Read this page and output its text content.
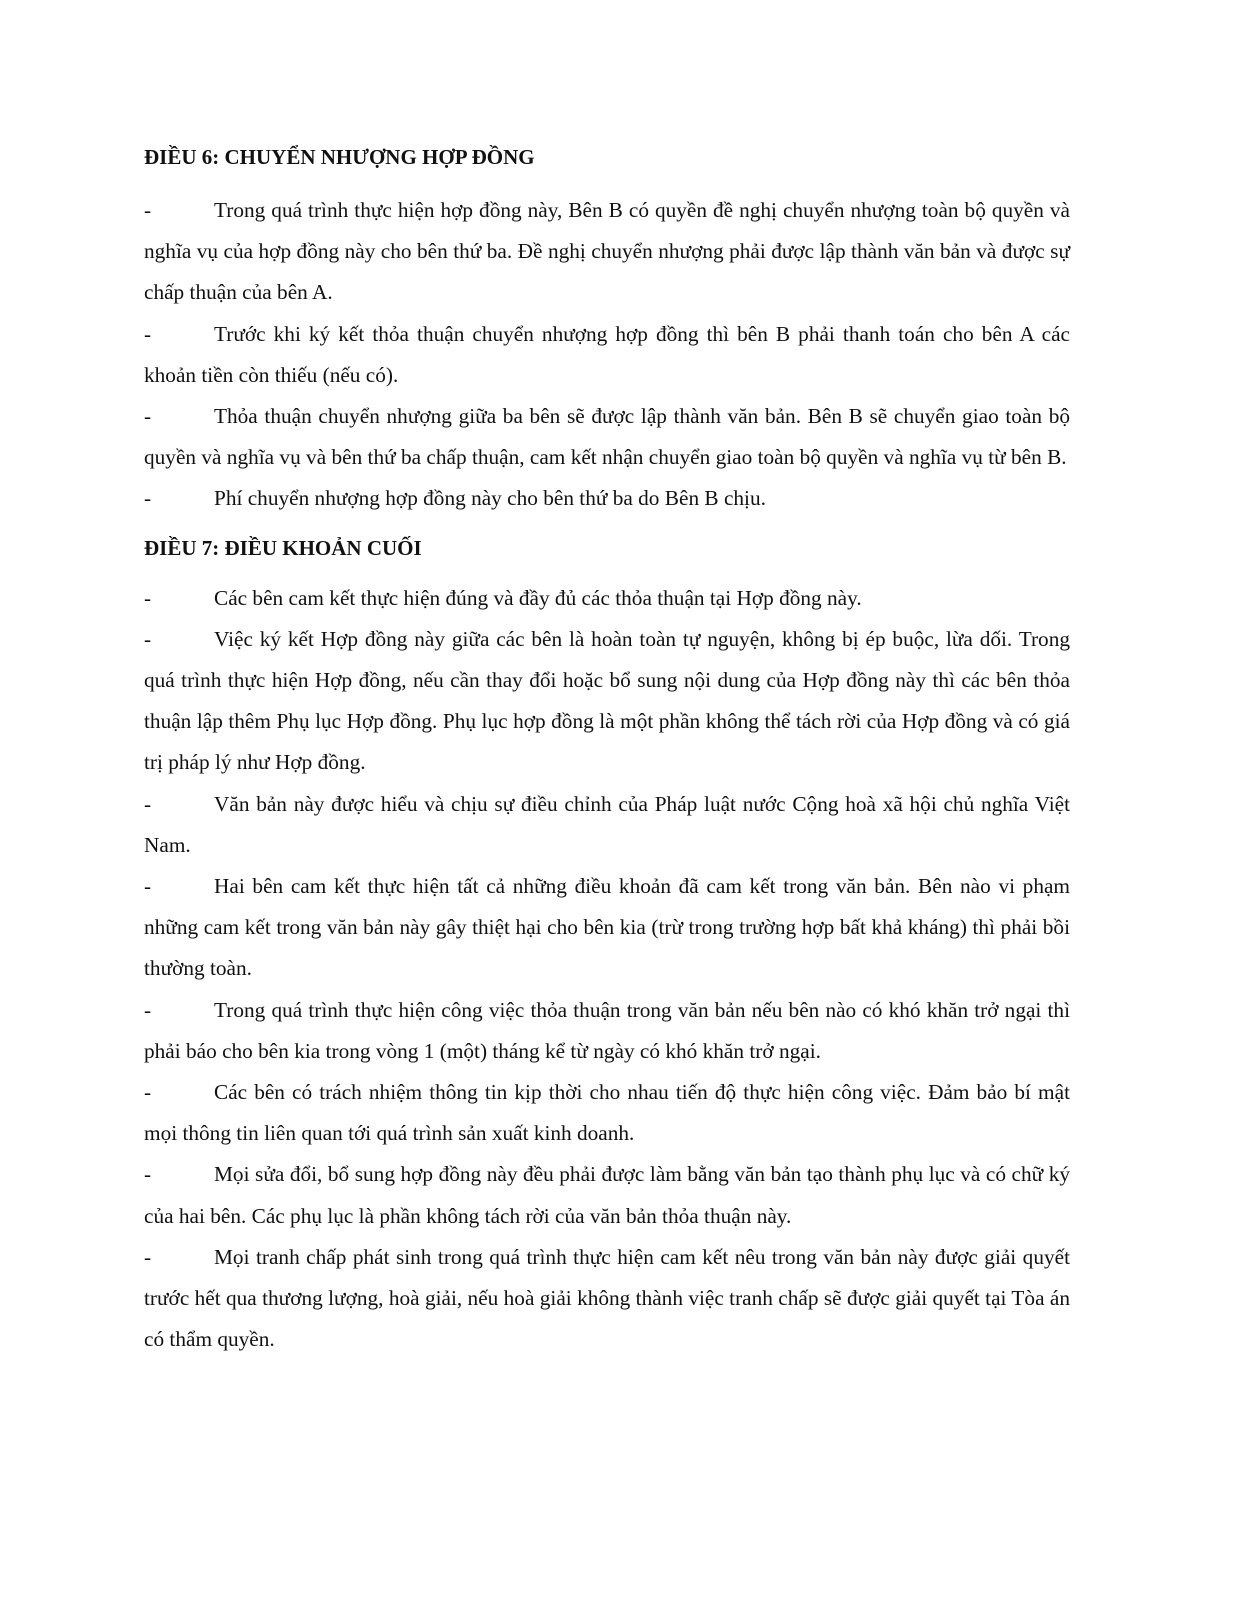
ĐIỀU 6: CHUYỂN NHƯỢNG HỢP ĐỒNG

-	Trong quá trình thực hiện hợp đồng này, Bên B có quyền đề nghị chuyển nhượng toàn bộ quyền và nghĩa vụ của hợp đồng này cho bên thứ ba. Đề nghị chuyển nhượng phải được lập thành văn bản và được sự chấp thuận của bên A.

-	Trước khi ký kết thỏa thuận chuyển nhượng hợp đồng thì bên B phải thanh toán cho bên A các khoản tiền còn thiếu (nếu có).

-	Thỏa thuận chuyển nhượng giữa ba bên sẽ được lập thành văn bản. Bên B sẽ chuyển giao toàn bộ quyền và nghĩa vụ và bên thứ ba chấp thuận, cam kết nhận chuyển giao toàn bộ quyền và nghĩa vụ từ bên B.

-	Phí chuyển nhượng hợp đồng này cho bên thứ ba do Bên B chịu.

ĐIỀU 7: ĐIỀU KHOẢN CUỐI

-	Các bên cam kết thực hiện đúng và đầy đủ các thỏa thuận tại Hợp đồng này.

-	Việc ký kết Hợp đồng này giữa các bên là hoàn toàn tự nguyện, không bị ép buộc, lừa dối. Trong quá trình thực hiện Hợp đồng, nếu cần thay đổi hoặc bổ sung nội dung của Hợp đồng này thì các bên thỏa thuận lập thêm Phụ lục Hợp đồng. Phụ lục hợp đồng là một phần không thể tách rời của Hợp đồng và có giá trị pháp lý như Hợp đồng.

-	Văn bản này được hiểu và chịu sự điều chỉnh của Pháp luật nước Cộng hoà xã hội chủ nghĩa Việt Nam.

-	Hai bên cam kết thực hiện tất cả những điều khoản đã cam kết trong văn bản. Bên nào vi phạm những cam kết trong văn bản này gây thiệt hại cho bên kia (trừ trong trường hợp bất khả kháng) thì phải bồi thường toàn.

-	Trong quá trình thực hiện công việc thỏa thuận trong văn bản nếu bên nào có khó khăn trở ngại thì phải báo cho bên kia trong vòng 1 (một) tháng kể từ ngày có khó khăn trở ngại.

-	Các bên có trách nhiệm thông tin kịp thời cho nhau tiến độ thực hiện công việc. Đảm bảo bí mật mọi thông tin liên quan tới quá trình sản xuất kinh doanh.

-	Mọi sửa đổi, bổ sung hợp đồng này đều phải được làm bằng văn bản tạo thành phụ lục và có chữ ký của hai bên. Các phụ lục là phần không tách rời của văn bản thỏa thuận này.

-	Mọi tranh chấp phát sinh trong quá trình thực hiện cam kết nêu trong văn bản này được giải quyết trước hết qua thương lượng, hoà giải, nếu hoà giải không thành việc tranh chấp sẽ được giải quyết tại Tòa án có thẩm quyền.
